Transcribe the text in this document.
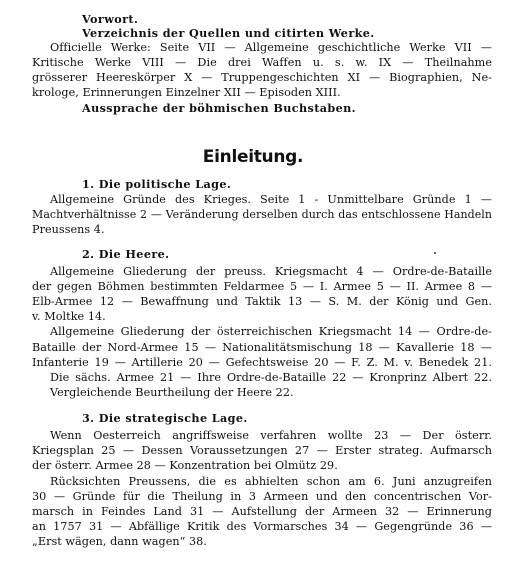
Vorwort.
Verzeichnis der Quellen und citirten Werke.
Officielle Werke: Seite VII — Allgemeine geschichtliche Werke VII —
Kritische Werke VIII — Die drei Waffen u. s. w. IX — Theilnahme
grösserer Heereskörper X — Truppengeschichten XI — Biographien, Ne-
krologe, Erinnerungen Einzelner XII — Episoden XIII.
Aussprache der böhmischen Buchstaben.
Einleitung.
1. Die politische Lage.
Allgemeine Gründe des Krieges. Seite 1 - Unmittelbare Gründe 1 —
Machtverhältnisse 2 — Veränderung derselben durch das entschlossene Handeln
Preussens 4.
2. Die Heere.
Allgemeine Gliederung der preuss. Kriegsmacht 4 — Ordre-de-Bataille
der gegen Böhmen bestimmten Feldarmee 5 — I. Armee 5 — II. Armee 8 —
Elb-Armee 12 — Bewaffnung und Taktik 13 — S. M. der König und Gen.
v. Moltke 14.
Allgemeine Gliederung der österreichischen Kriegsmacht 14 — Ordre-de-
Bataille der Nord-Armee 15 — Nationalitätsmischung 18 — Kavallerie 18 —
Infanterie 19 — Artillerie 20 — Gefechtsweise 20 — F. Z. M. v. Benedek 21.
Die sächs. Armee 21 — Ihre Ordre-de-Bataille 22 — Kronprinz Albert 22.
Vergleichende Beurtheilung der Heere 22.
3. Die strategische Lage.
Wenn Oesterreich angriffsweise verfahren wollte 23 — Der österr.
Kriegsplan 25 — Dessen Voraussetzungen 27 — Erster strateg. Aufmarsch
der österr. Armee 28 — Konzentration bei Olmütz 29.
Rücksichten Preussens, die es abhielten schon am 6. Juni anzugreifen
30 — Gründe für die Theilung in 3 Armeen und den concentrischen Vor-
marsch in Feindes Land 31 — Aufstellung der Armeen 32 — Erinnerung
an 1757 31 — Abfällige Kritik des Vormarsches 34 — Gegengründe 36 —
„Erst wägen, dann wagen“ 38.
